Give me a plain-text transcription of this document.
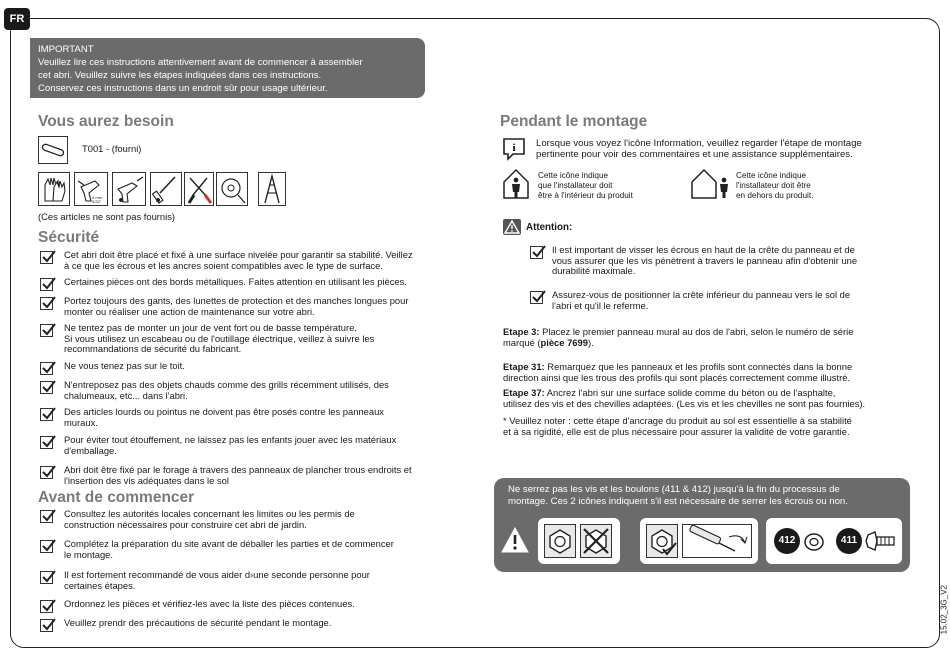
FR
IMPORTANT
Veuillez lire ces instructions attentivement avant de commencer à assembler
cet abri. Veuillez suivre les étapes indiquées dans ces instructions.
Conservez ces instructions dans un endroit sûr pour usage ultérieur.
Vous aurez besoin
T001 - (fourni)
4 mm 5/32"
(Ces articles ne sont pas fournis)
Sécurité
Cet abri doit être placé et fixé à une surface nivelée pour garantir sa stabilité. Veillez
à ce que les écrous et les ancres soient compatibles avec le type de surface.
Certaines pièces ont des bords métalliques. Faites attention en utilisant les pièces.
Portez toujours des gants, des lunettes de protection et des manches longues pour
monter ou réaliser une action de maintenance sur votre abri.
Ne tentez pas de monter un jour de vent fort ou de basse température.
Si vous utilisez un escabeau ou de l'outillage électrique, veillez à suivre les
recommandations de sécurité du fabricant.
Ne vous tenez pas sur le toit.
N'entreposez pas des objets chauds comme des grills récemment utilisés, des
chalumeaux, etc... dans l'abri.
Des articles lourds ou pointus ne doivent pas être posés contre les panneaux
muraux.
Pour éviter tout étouffement, ne laissez pas les enfants jouer avec les matériaux
d'emballage.
Abri doit être fixé par le forage à travers des panneaux de plancher trous endroits et
l'insertion des vis adéquates dans le sol
Avant de commencer
Consultez les autorités locales concernant les limites ou les permis de
construction nécessaires pour construire cet abri de jardin.
Complétez la préparation du site avant de déballer les parties et de commencer
le montage.
Il est fortement recommandé de vous aider d›une seconde personne pour
certaines étapes.
Ordonnez les pièces et vérifiez-les avec la liste des pièces contenues.
Veuillez prendr des précautions de sécurité pendant le montage.
Pendant le montage
i Lorsque vous voyez l'icône Information, veuillez regarder l'étape de montage
pertinente pour voir des commentaires et une assistance supplémentaires.
Cette icône indique
que l'installateur doit
être à l'intérieur du produit
Cette icône indique
l'installateur doit être
en dehors du produit.
Attention:
Il est important de visser les écrous en haut de la crête du panneau et de
vous assurer que les vis pénètrent à travers le panneau afin d'obtenir une
durabilité maximale.
Assurez-vous de positionner la crête inférieur du panneau vers le sol de
l'abri et qu'il le referme.
Etape 3: Placez le premier panneau mural au dos de l'abri, selon le numéro de série
marqué (pièce 7699).
Etape 31: Remarquez que les panneaux et les profils sont connectés dans la bonne
direction ainsi que les trous des profils qui sont placés correctement comme illustré.
Etape 37: Ancrez l'abri sur une surface solide comme du béton ou de l'asphalte,
utilisez des vis et des chevilles adaptées. (Les vis et les chevilles ne sont pas fournies).
* Veuillez noter : cette étape d'ancrage du produit au sol est essentielle à sa stabilité
et à sa rigidité, elle est de plus nécessaire pour assurer la validité de votre garantie.
Ne serrez pas les vis et les boulons (411 & 412) jusqu'à la fin du processus de
montage. Ces 2 icônes indiquent s'il est nécessaire de serrer les écrous ou non.
412	411
15.02_3G_V2
